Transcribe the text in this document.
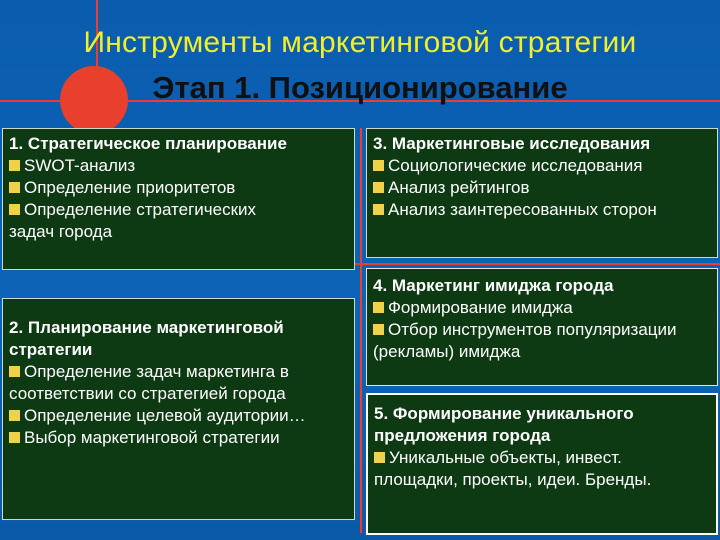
Инструменты маркетинговой стратегии
Этап 1. Позиционирование
1. Стратегическое планирование
SWOT-анализ
Определение приоритетов
Определение стратегических
задач города
2. Планирование маркетинговой стратегии
Определение задач маркетинга в соответствии со стратегией города
Определение целевой аудитории…
Выбор маркетинговой стратегии
3. Маркетинговые исследования
Социологические исследования
Анализ рейтингов
Анализ заинтересованных сторон
4. Маркетинг имиджа города
Формирование имиджа
Отбор инструментов популяризации (рекламы) имиджа
5. Формирование уникального предложения города
Уникальные объекты, инвест. площадки, проекты, идеи. Бренды.
